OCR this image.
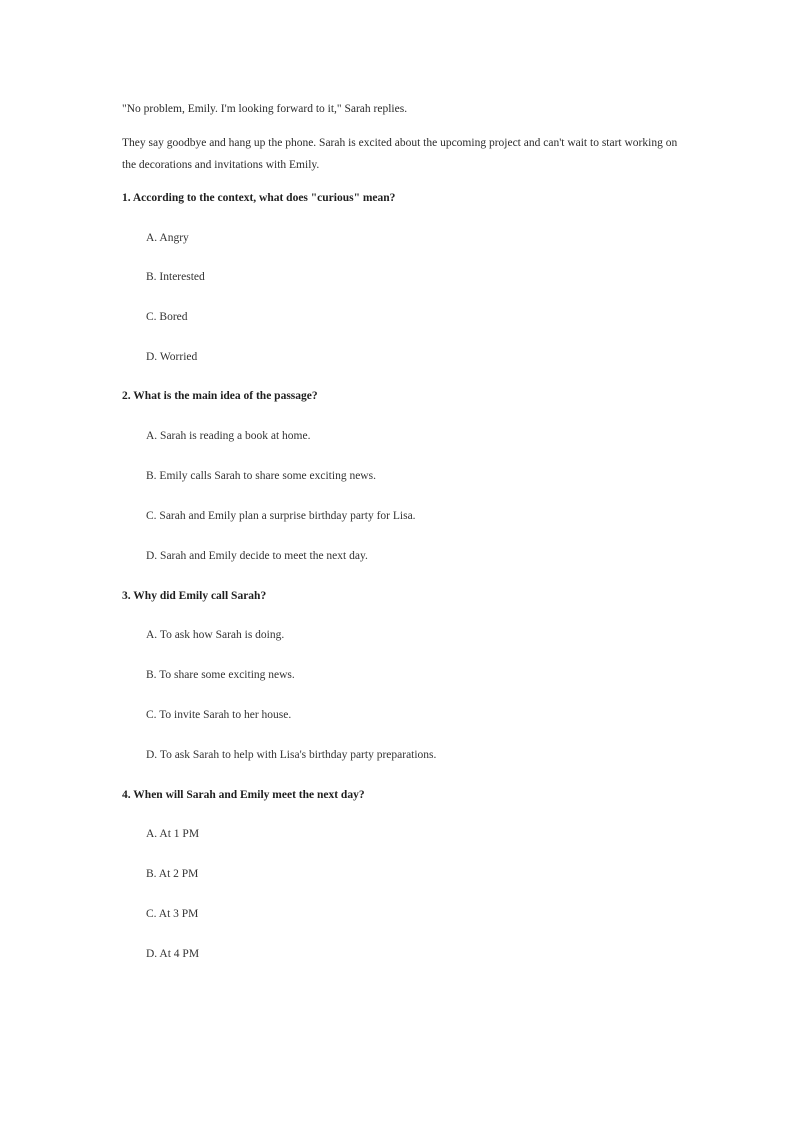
"No problem, Emily. I'm looking forward to it," Sarah replies.

They say goodbye and hang up the phone. Sarah is excited about the upcoming project and can't wait to start working on the decorations and invitations with Emily.

1. According to the context, what does "curious" mean?

A. Angry

B. Interested

C. Bored

D. Worried

2. What is the main idea of the passage?

A. Sarah is reading a book at home.

B. Emily calls Sarah to share some exciting news.

C. Sarah and Emily plan a surprise birthday party for Lisa.

D. Sarah and Emily decide to meet the next day.

3. Why did Emily call Sarah?

A. To ask how Sarah is doing.

B. To share some exciting news.

C. To invite Sarah to her house.

D. To ask Sarah to help with Lisa's birthday party preparations.

4. When will Sarah and Emily meet the next day?

A. At 1 PM

B. At 2 PM

C. At 3 PM

D. At 4 PM
